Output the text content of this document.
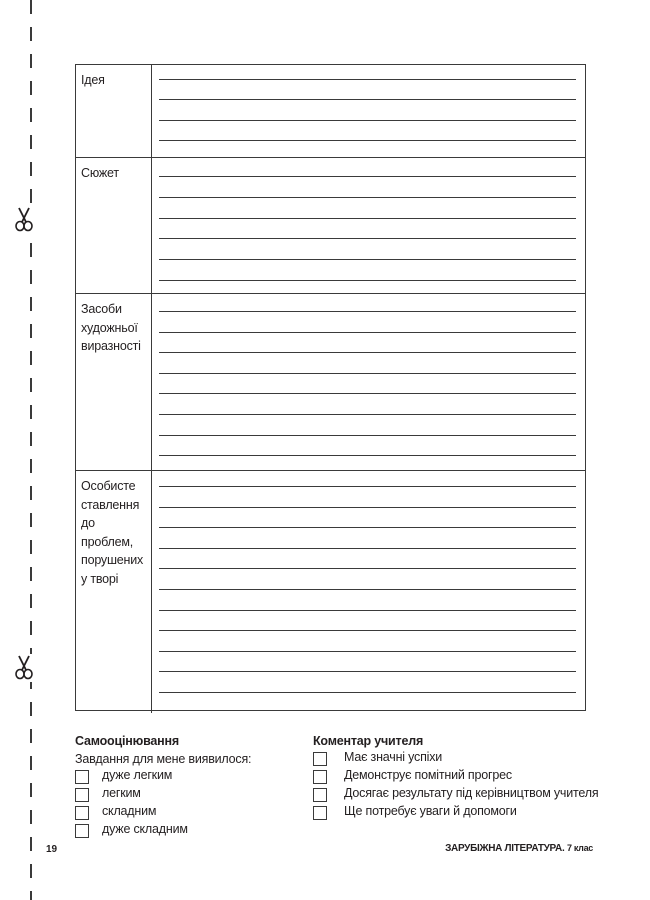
Ідея
Сюжет
Засоби художньої виразності
Особисте ставлення до проблем, порушених у творі
Самооцінювання
Завдання для мене виявилося:
дуже легким
легким
складним
дуже складним
Коментар учителя
Має значні успіхи
Демонструє помітний прогрес
Досягає результату під керівництвом учителя
Ще потребує уваги й допомоги
19	ЗАРУБІЖНА ЛІТЕРАТУРА. 7 клас
